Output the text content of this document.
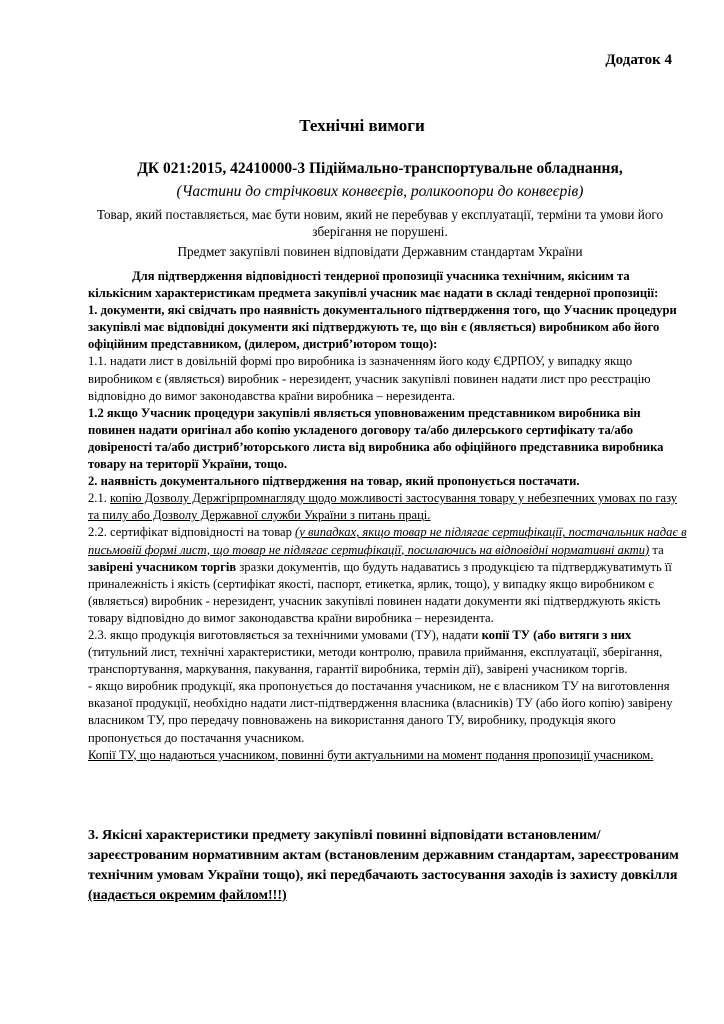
Додаток 4
Технічні вимоги
ДК 021:2015, 42410000-3 Підіймально-транспортувальне обладнання,
(Частини до стрічкових конвеєрів, роликоопори до конвеєрів)
Товар, який поставляється, має бути новим, який не перебував у експлуатації, терміни та умови його
зберігання не порушені.
Предмет закупівлі повинен відповідати Державним стандартам України

Для підтвердження відповідності тендерної пропозиції учасника технічним, якісним та кількісним характеристикам предмета закупівлі учасник має надати в складі тендерної пропозиції:

1. документи, які свідчать про наявність документального підтвердження того, що Учасник процедури закупівлі має відповідні документи які підтверджують те, що він є (являється) виробником або його офіційним представником, (дилером, дистриб’ютором тощо):

1.1. надати лист в довільній формі про виробника із зазначенням його коду ЄДРПОУ, у випадку якщо виробником є (являється) виробник - нерезидент, учасник закупівлі повинен надати лист про реєстрацію відповідно до вимог законодавства країни виробника – нерезидента.

1.2 якщо Учасник процедури закупівлі являється уповноваженим представником виробника він повинен надати оригінал або копію укладеного договору та/або дилерського сертифікату та/або довіреності та/або дистриб’юторського листа від виробника або офіційного представника виробника товару на території України, тощо.

2. наявність документального підтвердження на товар, який пропонується постачати.

2.1. копію Дозволу Держгірпромнагляду щодо можливості застосування товару у небезпечних умовах по газу та пилу або Дозволу Державної служби України з питань праці.

2.2. сертифікат відповідності на товар (у випадках, якщо товар не підлягає сертифікації, постачальник надає в письмовій формі лист, що товар не підлягає сертифікації, посилаючись на відповідні нормативні акти) та завірені учасником торгів зразки документів, що будуть надаватись з продукцією та підтверджуватимуть її приналежність і якість (сертифікат якості, паспорт, етикетка, ярлик, тощо), у випадку якщо виробником є (являється) виробник - нерезидент, учасник закупівлі повинен надати документи які підтверджують якість товару відповідно до вимог законодавства країни виробника – нерезидента.

2.3. якщо продукція виготовляється за технічними умовами (ТУ), надати копії ТУ (або витяги з них (титульний лист, технічні характеристики, методи контролю, правила приймання, експлуатації, зберігання, транспортування, маркування, пакування, гарантії виробника, термін дії), завірені учасником торгів.

- якщо виробник продукції, яка пропонується до постачання учасником, не є власником ТУ на виготовлення вказаної продукції, необхідно надати лист-підтвердження власника (власників) ТУ (або його копію) завірену власником ТУ, про передачу повноважень на використання даного ТУ, виробнику, продукція якого пропонується до постачання учасником.

Копії ТУ, що надаються учасником, повинні бути актуальними на момент подання пропозиції учасником.

3. Якісні характеристики предмету закупівлі повинні відповідати встановленим/зареєстрованим нормативним актам (встановленим державним стандартам, зареєстрованим технічним умовам України тощо), які передбачають застосування заходів із захисту довкілля (надається окремим файлом!!!)
